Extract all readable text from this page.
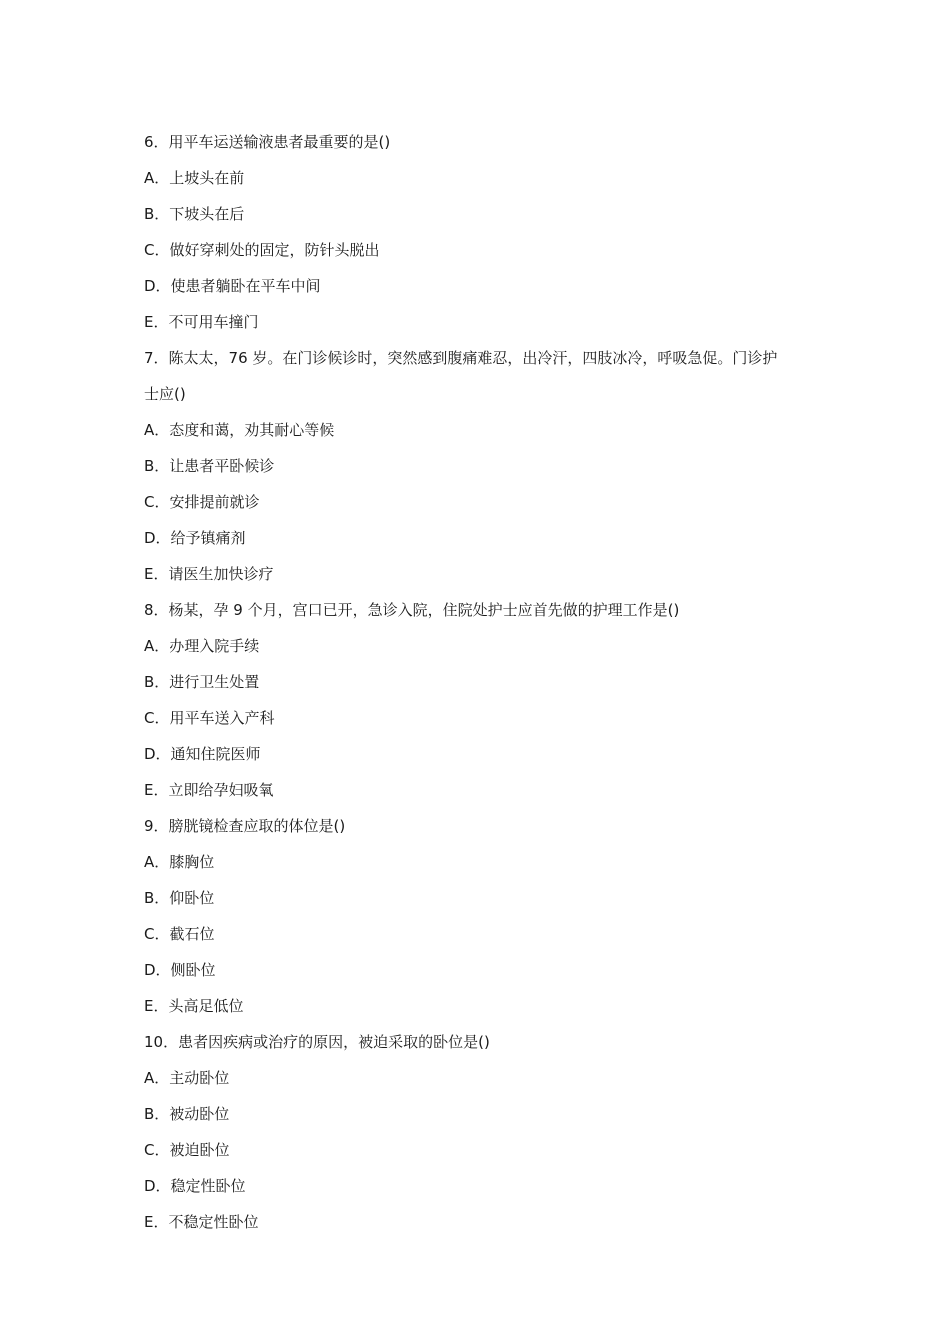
6．用平车运送输液患者最重要的是()
A．上坡头在前
B．下坡头在后
C．做好穿刺处的固定，防针头脱出
D．使患者躺卧在平车中间
E．不可用车撞门
7．陈太太，76 岁。在门诊候诊时，突然感到腹痛难忍，出冷汗，四肢冰冷，呼吸急促。门诊护
士应()
A．态度和蔼，劝其耐心等候
B．让患者平卧候诊
C．安排提前就诊
D．给予镇痛剂
E．请医生加快诊疗
8．杨某，孕 9 个月，宫口已开，急诊入院，住院处护士应首先做的护理工作是()
A．办理入院手续
B．进行卫生处置
C．用平车送入产科
D．通知住院医师
E．立即给孕妇吸氧
9．膀胱镜检查应取的体位是()
A．膝胸位
B．仰卧位
C．截石位
D．侧卧位
E．头高足低位
10．患者因疾病或治疗的原因，被迫采取的卧位是()
A．主动卧位
B．被动卧位
C．被迫卧位
D．稳定性卧位
E．不稳定性卧位
